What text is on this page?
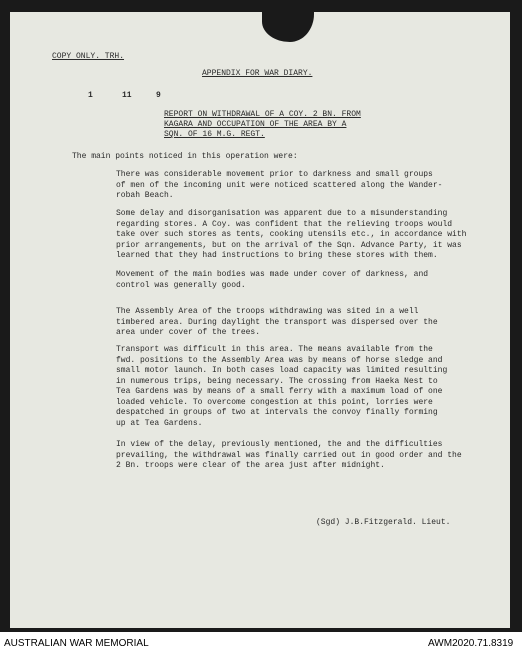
COPY ONLY. TRH.
APPENDIX FOR WAR DIARY.
1	11	9
REPORT ON WITHDRAWAL OF A COY. 2 BN. FROM
KAGARA AND OCCUPATION OF THE AREA BY A
SQN. OF 16 M.G. REGT.
The main points noticed in this operation were:
There was considerable movement prior to darkness and small groups
of men of the incoming unit were noticed scattered along the Wander-
robah Beach.
Some delay and disorganisation was apparent due to a misunderstanding
regarding stores. A Coy. was confident that the relieving troops would
take over such stores as tents, cooking utensils etc., in accordance with
prior arrangements, but on the arrival of the Sqn. Advance Party, it was
learned that they had instructions to bring these stores with them.
Movement of the main bodies was made under cover of darkness, and
control was generally good.
The Assembly Area of the troops withdrawing was sited in a well
timbered area. During daylight the transport was dispersed over the
area under cover of the trees.
Transport was difficult in this area. The means available from the
fwd. positions to the Assembly Area was by means of horse sledge and
small motor launch. In both cases load capacity was limited resulting
in numerous trips, being necessary. The crossing from Haeka Nest to
Tea Gardens was by means of a small ferry with a maximum load of one
loaded vehicle. To overcome congestion at this point, lorries were
despatched in groups of two at intervals the convoy finally forming
up at Tea Gardens.
In view of the delay, previously mentioned, the and the difficulties
prevailing, the withdrawal was finally carried out in good order and the
2 Bn. troops were clear of the area just after midnight.
(Sgd) J.B.Fitzgerald. Lieut.
AUSTRALIAN WAR MEMORIAL	AWM2020.71.8319
